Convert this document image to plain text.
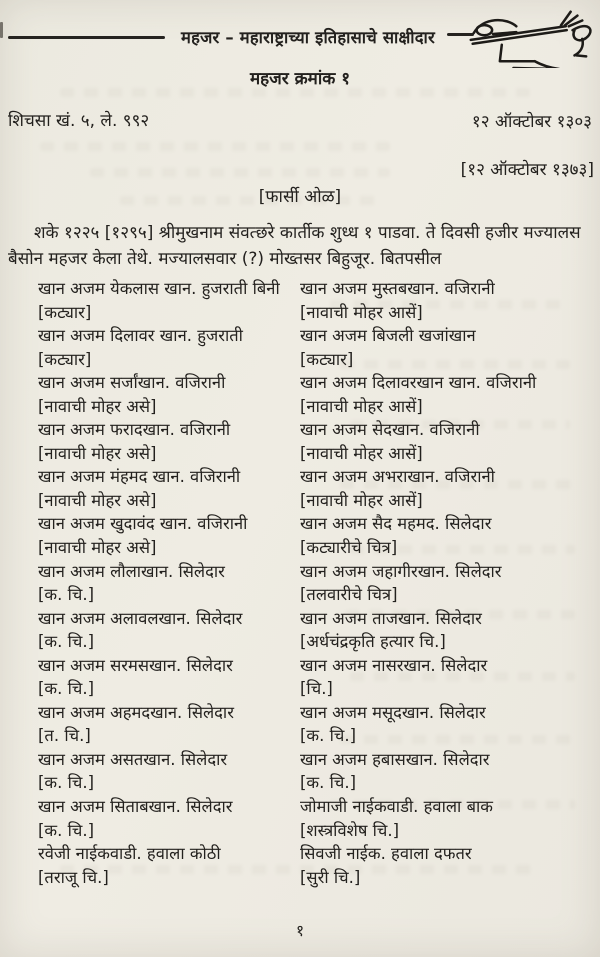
महजर – महाराष्ट्राच्या इतिहासाचे साक्षीदार
महजर क्रमांक १
शिचसा खं. ५, ले. ९९२	१२ ऑक्टोबर १३०३
[१२ ऑक्टोबर १३७३]
[फार्सी ओळ]
शके १२२५ [१२९५] श्रीमुखनाम संवत्छरे कार्तीक शुध्ध १ पाडवा. ते दिवसी हजीर मज्यालस बैसोन महजर केला तेथे. मज्यालसवार (?) मोख्तसर बिहुजूर. बितपसील
खान अजम येकलास खान. हुजराती बिनी
[कट्यार]
खान अजम दिलावर खान. हुजराती
[कट्यार]
खान अजम सर्जांखान. वजिरानी
[नावाची मोहर असे]
खान अजम फरादखान. वजिरानी
[नावाची मोहर असे]
खान अजम मंहमद खान. वजिरानी
[नावाची मोहर असे]
खान अजम खुदावंद खान. वजिरानी
[नावाची मोहर असे]
खान अजम लौलाखान. सिलेदार
[क. चि.]
खान अजम अलावलखान. सिलेदार
[क. चि.]
खान अजम सरमसखान. सिलेदार
[क. चि.]
खान अजम अहमदखान. सिलेदार
[त. चि.]
खान अजम असतखान. सिलेदार
[क. चि.]
खान अजम सिताबखान. सिलेदार
[क. चि.]
रवेजी नाईकवाडी. हवाला कोठी
[तराजू चि.]
खान अजम मुस्तबखान. वजिरानी
[नावाची मोहर आसें]
खान अजम बिजली खजांखान
[कट्यार]
खान अजम दिलावरखान खान. वजिरानी
[नावाची मोहर आसें]
खान अजम सेदखान. वजिरानी
[नावाची मोहर आसें]
खान अजम अभराखान. वजिरानी
[नावाची मोहर आसें]
खान अजम सैद महमद. सिलेदार
[कट्यारीचे चित्र]
खान अजम जहागीरखान. सिलेदार
[तलवारीचे चित्र]
खान अजम ताजखान. सिलेदार
[अर्धचंद्रकृति हत्यार चि.]
खान अजम नासरखान. सिलेदार
[चि.]
खान अजम मसूदखान. सिलेदार
[क. चि.]
खान अजम हबासखान. सिलेदार
[क. चि.]
जोमाजी नाईकवाडी. हवाला बाक
[शस्त्रविशेष चि.]
सिवजी नाईक. हवाला दफतर
[सुरी चि.]
१
